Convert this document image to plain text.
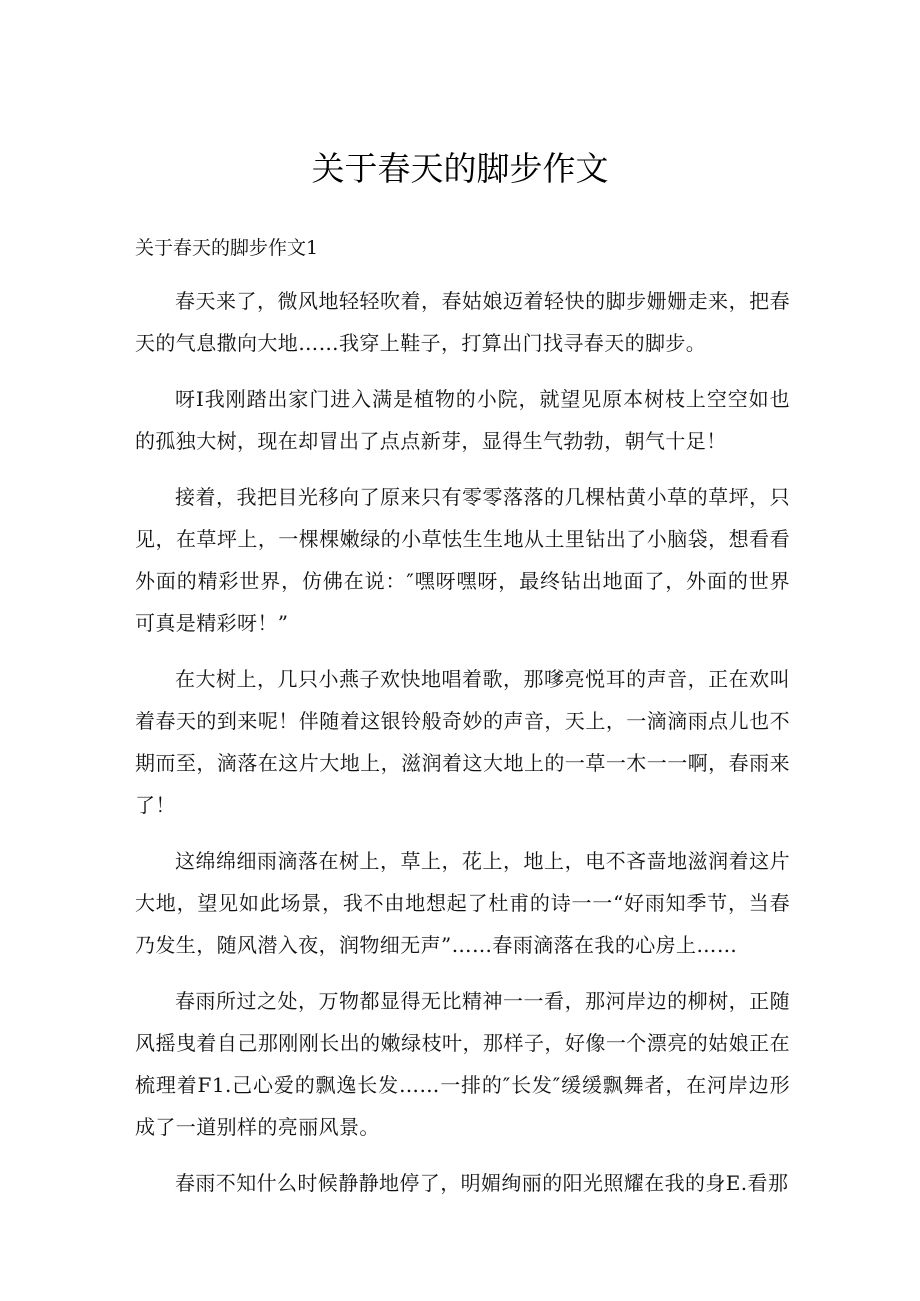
关于春天的脚步作文

关于春天的脚步作文1

春天来了，微风地轻轻吹着，春姑娘迈着轻快的脚步姗姗走来，把春天的气息撒向大地……我穿上鞋子，打算出门找寻春天的脚步。

呀I我刚踏出家门进入满是植物的小院，就望见原本树枝上空空如也的孤独大树，现在却冒出了点点新芽，显得生气勃勃，朝气十足！

接着，我把目光移向了原来只有零零落落的几棵枯黄小草的草坪，只见，在草坪上，一棵棵嫩绿的小草怯生生地从土里钻出了小脑袋，想看看外面的精彩世界，仿佛在说：″嘿呀嘿呀，最终钻出地面了，外面的世界可真是精彩呀！”

在大树上，几只小燕子欢快地唱着歌，那嗲亮悦耳的声音，正在欢叫着春天的到来呢！伴随着这银铃般奇妙的声音，天上，一滴滴雨点儿也不期而至，滴落在这片大地上，滋润着这大地上的一草一木一一啊，春雨来了！

这绵绵细雨滴落在树上，草上，花上，地上，电不吝啬地滋润着这片大地，望见如此场景，我不由地想起了杜甫的诗一一“好雨知季节，当春乃发生，随风潜入夜，润物细无声”……春雨滴落在我的心房上……

春雨所过之处，万物都显得无比精神一一看，那河岸边的柳树，正随风摇曳着自己那刚刚长出的嫩绿枝叶，那样子，好像一个漂亮的姑娘正在梳理着F1.己心爱的飘逸长发……一排的″长发″缓缓飘舞者，在河岸边形成了一道别样的亮丽风景。

春雨不知什么时候静静地停了，明媚绚丽的阳光照耀在我的身E.看那
